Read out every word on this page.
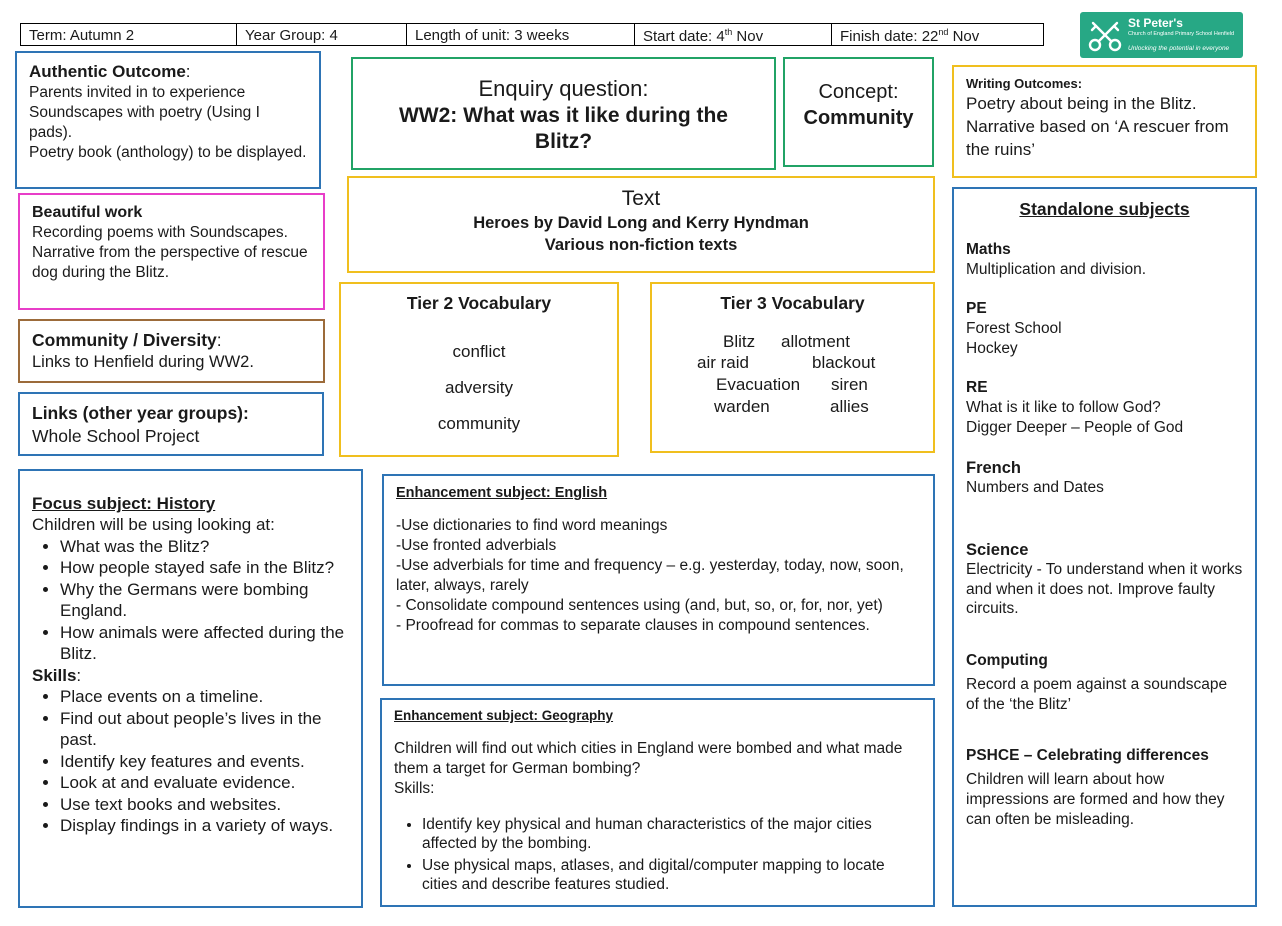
Term: Autumn 2	Year Group: 4	Length of unit: 3 weeks	Start date: 4th Nov	Finish date: 22nd Nov
St Peter's
Church of England Primary School Henfield
Unlocking the potential in everyone

Authentic Outcome:

Parents invited in to experience Soundscapes with poetry (Using I pads).

Poetry book (anthology) to be displayed.

Enquiry question:

WW2: What was it like during the Blitz?

Concept:

Community

Writing Outcomes:

Poetry about being in the Blitz.

Narrative based on ‘A rescuer from the ruins’

Beautiful work

Recording poems with Soundscapes.

Narrative from the perspective of rescue dog during the Blitz.

Text

Heroes by David Long and Kerry Hyndman

Various non-fiction texts

Community / Diversity:

Links to Henfield during WW2.

Tier 2 Vocabulary

conflict

adversity

community

Tier 3 Vocabulary

Blitz allotment
air raid	blackout
Evacuation siren
warden	allies

Links (other year groups):

Whole School Project

Standalone subjects

Maths

Multiplication and division.

PE

Forest School

Hockey

RE

What is it like to follow God?

Digger Deeper – People of God

French

Numbers and Dates

Science

Electricity - To understand when it works and when it does not. Improve faulty circuits.

Computing

Record a poem against a soundscape of the ‘the Blitz’

PSHCE – Celebrating differences

Children will learn about how impressions are formed and how they can often be misleading.

Focus subject: History

Children will be using looking at:

• What was the Blitz?
• How people stayed safe in the Blitz?
• Why the Germans were bombing England.
• How animals were affected during the Blitz.

Skills:

• Place events on a timeline.
• Find out about people’s lives in the past.
• Identify key features and events.
• Look at and evaluate evidence.
• Use text books and websites.
• Display findings in a variety of ways.

Enhancement subject: English

-Use dictionaries to find word meanings

-Use fronted adverbials

-Use adverbials for time and frequency – e.g. yesterday, today, now, soon, later, always, rarely

- Consolidate compound sentences using (and, but, so, or, for, nor, yet)

- Proofread for commas to separate clauses in compound sentences.

Enhancement subject: Geography

Children will find out which cities in England were bombed and what made them a target for German bombing?

Skills:

• Identify key physical and human characteristics of the major cities affected by the bombing.
• Use physical maps, atlases, and digital/computer mapping to locate cities and describe features studied.
